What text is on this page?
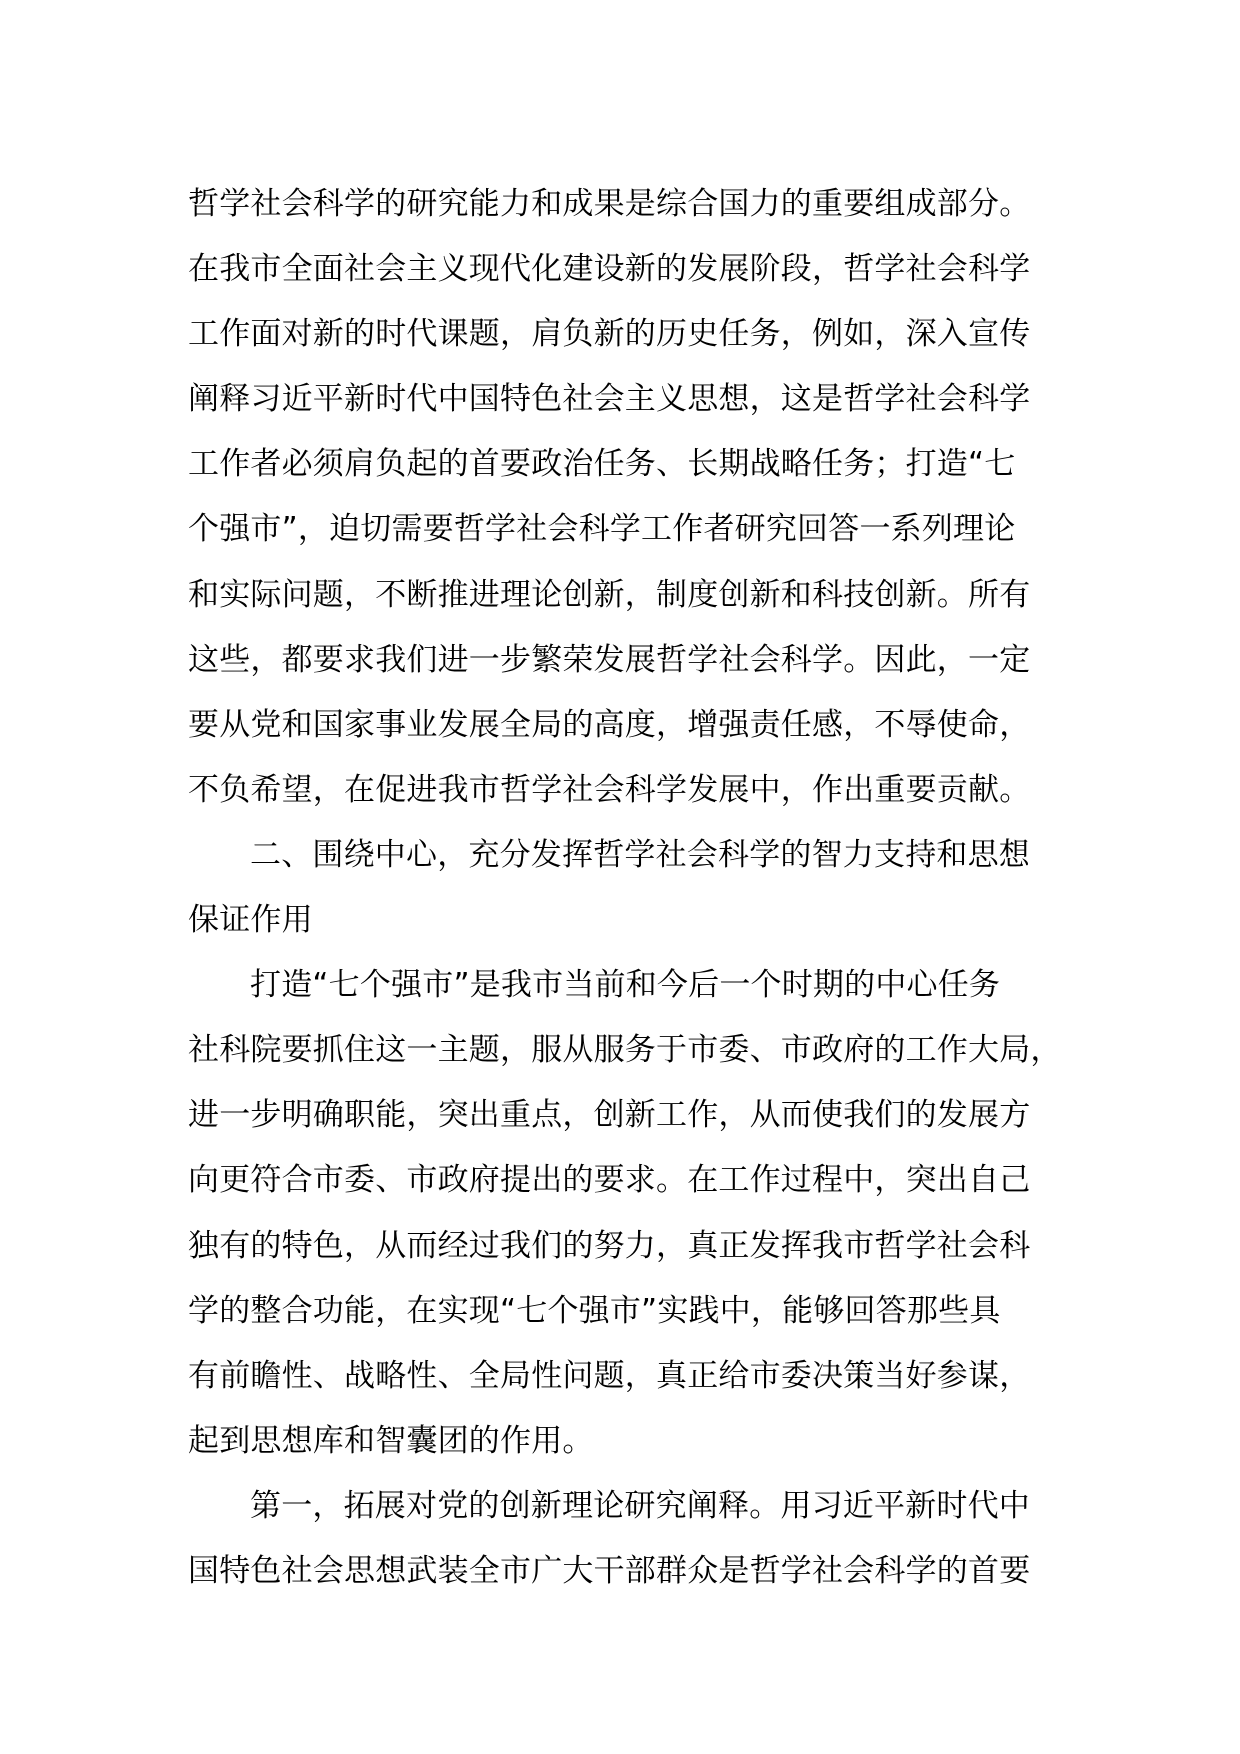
哲学社会科学的研究能力和成果是综合国力的重要组成部分。
在我市全面社会主义现代化建设新的发展阶段，哲学社会科学
工作面对新的时代课题，肩负新的历史任务，例如，深入宣传
阐释习近平新时代中国特色社会主义思想，这是哲学社会科学
工作者必须肩负起的首要政治任务、长期战略任务；打造“七
个强市”，迫切需要哲学社会科学工作者研究回答一系列理论
和实际问题，不断推进理论创新，制度创新和科技创新。所有
这些，都要求我们进一步繁荣发展哲学社会科学。因此，一定
要从党和国家事业发展全局的高度，增强责任感，不辱使命，
不负希望，在促进我市哲学社会科学发展中，作出重要贡献。
二、围绕中心，充分发挥哲学社会科学的智力支持和思想
保证作用
打造“七个强市”是我市当前和今后一个时期的中心任务
社科院要抓住这一主题，服从服务于市委、市政府的工作大局，
进一步明确职能，突出重点，创新工作，从而使我们的发展方
向更符合市委、市政府提出的要求。在工作过程中，突出自己
独有的特色，从而经过我们的努力，真正发挥我市哲学社会科
学的整合功能，在实现“七个强市”实践中，能够回答那些具
有前瞻性、战略性、全局性问题，真正给市委决策当好参谋，
起到思想库和智囊团的作用。
第一，拓展对党的创新理论研究阐释。用习近平新时代中
国特色社会思想武装全市广大干部群众是哲学社会科学的首要
